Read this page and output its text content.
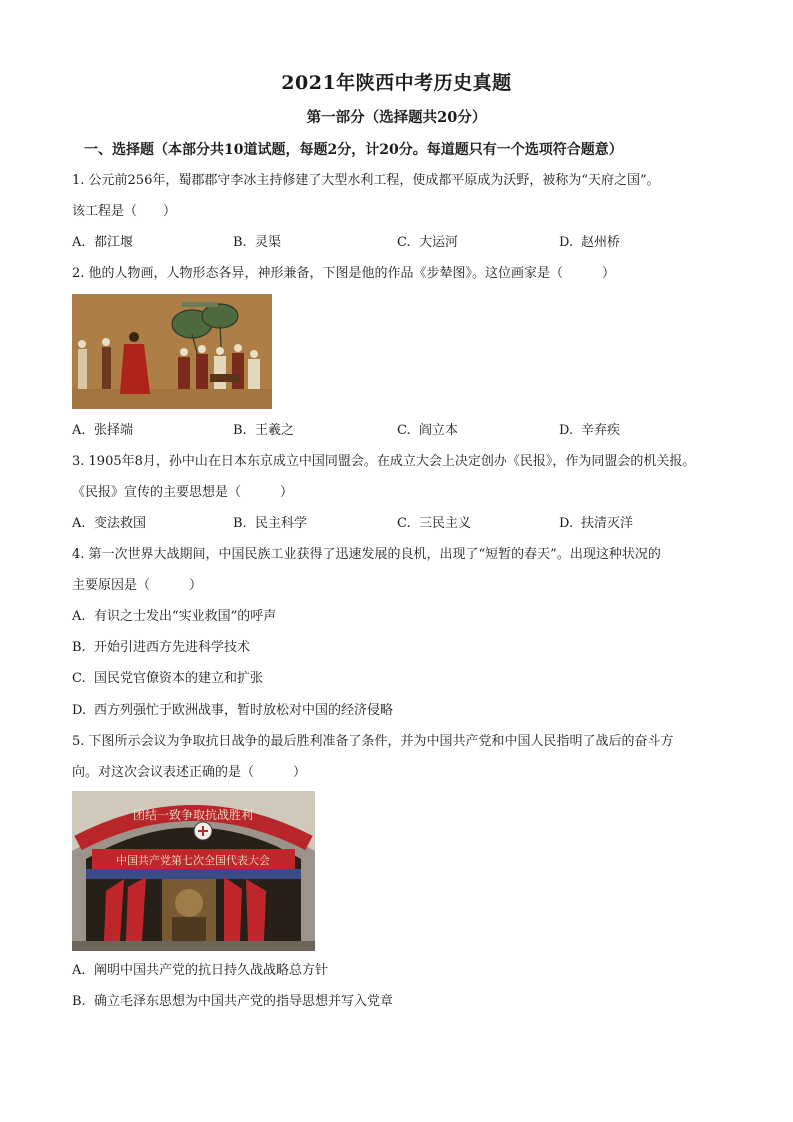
2021年陕西中考历史真题
第一部分（选择题共20分）
一、选择题（本部分共10道试题，每题2分，计20分。每道题只有一个选项符合题意）
1. 公元前256年，蜀郡郡守李冰主持修建了大型水利工程，使成都平原成为沃野，被称为“天府之国”。
该工程是（　　）
A. 都江堰	B. 灵渠	C. 大运河	D. 赵州桥
2. 他的人物画，人物形态各异，神形兼备，下图是他的作品《步辇图》。这位画家是（　　　）
A. 张择端	B. 王羲之	C. 阎立本	D. 辛弃疾
3. 1905年8月，孙中山在日本东京成立中国同盟会。在成立大会上决定创办《民报》，作为同盟会的机关报。
《民报》宣传的主要思想是（　　　）
A. 变法救国	B. 民主科学	C. 三民主义	D. 扶清灭洋
4. 第一次世界大战期间，中国民族工业获得了迅速发展的良机，出现了“短暂的春天”。出现这种状况的
主要原因是（　　　）
A. 有识之士发出“实业救国”的呼声
B. 开始引进西方先进科学技术
C. 国民党官僚资本的建立和扩张
D. 西方列强忙于欧洲战事，暂时放松对中国的经济侵略
5. 下图所示会议为争取抗日战争的最后胜利准备了条件，并为中国共产党和中国人民指明了战后的奋斗方
向。对这次会议表述正确的是（　　　）
团结一致争取抗战胜利
中国共产党第七次全国代表大会
A. 阐明中国共产党的抗日持久战战略总方针
B. 确立毛泽东思想为中国共产党的指导思想并写入党章
